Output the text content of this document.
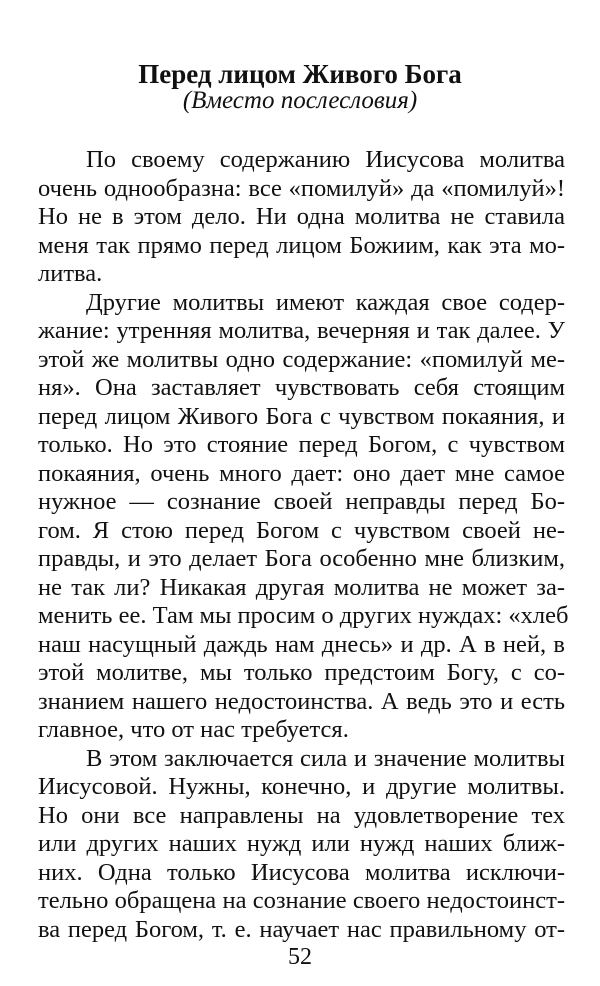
Перед лицом Живого Бога
(Вместо послесловия)
По своему содержанию Иисусова молитва
очень однообразна: все «помилуй» да «помилуй»!
Но не в этом дело. Ни одна молитва не ставила
меня так прямо перед лицом Божиим, как эта мо-
литва.
Другие молитвы имеют каждая свое содер-
жание: утренняя молитва, вечерняя и так далее. У
этой же молитвы одно содержание: «помилуй ме-
ня». Она заставляет чувствовать себя стоящим
перед лицом Живого Бога с чувством покаяния, и
только. Но это стояние перед Богом, с чувством
покаяния, очень много дает: оно дает мне самое
нужное — сознание своей неправды перед Бо-
гом. Я стою перед Богом с чувством своей не-
правды, и это делает Бога особенно мне близким,
не так ли? Никакая другая молитва не может за-
менить ее. Там мы просим о других нуждах: «хлеб
наш насущный даждь нам днесь» и др. А в ней, в
этой молитве, мы только предстоим Богу, с со-
знанием нашего недостоинства. А ведь это и есть
главное, что от нас требуется.
В этом заключается сила и значение молитвы
Иисусовой. Нужны, конечно, и другие молитвы.
Но они все направлены на удовлетворение тех
или других наших нужд или нужд наших ближ-
них. Одна только Иисусова молитва исключи-
тельно обращена на сознание своего недостоинст-
ва перед Богом, т. е. научает нас правильному от-
52
